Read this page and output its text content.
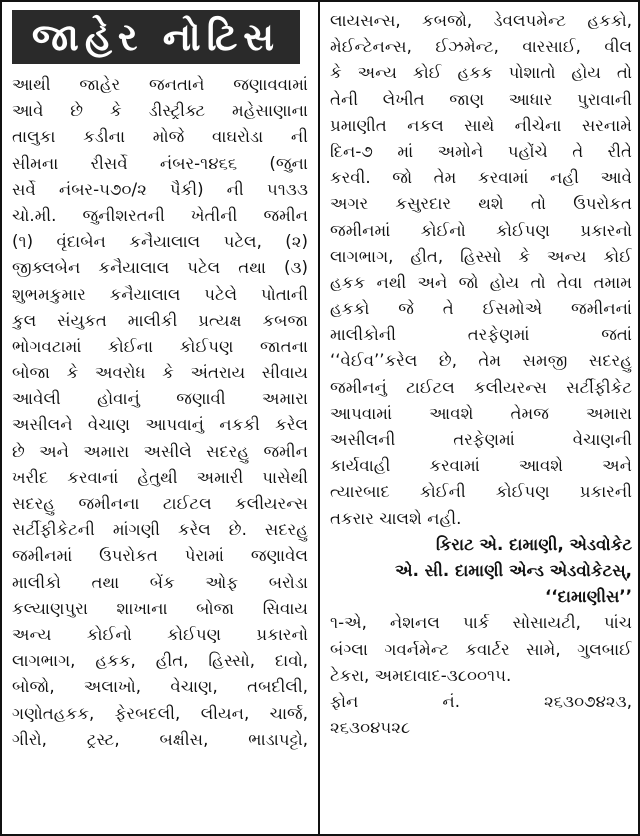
જાહેર નોટિસ
આથી જાહેર જનતાને જણાવવામાં
આવે છે કે ડીસ્ટ્રીક્ટ મહેસાણાના
તાલુકા કડીના મોજે વાઘરોડા ની
સીમના રીસર્વે નંબર-૧૪૬૬ (જુના
સર્વે નંબર-૫૭૦/૨ પૈકી) ની ૫૧૩૩
ચો.મી. જુનીશરતની ખેતીની જમીન
(૧) વૃંદાબેન કનૈયાલાલ પટેલ, (૨)
જીક્લબેન કનૈયાલાલ પટેલ તથા (૩)
શુભમકુમાર કનૈયાલાલ પટેલે પોતાની
કુલ સંયુકત માલીકી પ્રત્યક્ષ કબજા
ભોગવટામાં કોઈના કોઈપણ જાતના
બોજા કે અવરોધ કે અંતરાય સીવાય
આવેલી હોવાનું જણાવી અમારા
અસીલને વેચાણ આપવાનું નકકી કરેલ
છે અને અમારા અસીલે સદરહુ જમીન
ખરીદ કરવાનાં હેતુથી અમારી પાસેથી
સદરહુ જમીનના ટાઈટલ કલીયરન્સ
સર્ટીફીકેટની માંગણી કરેલ છે. સદરહુ
જમીનમાં ઉપરોકત પેરામાં જણાવેલ
માલીકો તથા બેંક ઓફ બરોડા
કલ્યાણપુરા શાખાના બોજા સિવાય
અન્ય કોઈનો કોઈપણ પ્રકારનો
લાગભાગ, હકક, હીત, હિસ્સો, દાવો,
બોજો, અલાખો, વેચાણ, તબદીલી,
ગણોતહકક, ફેરબદલી, લીયન, ચાર્જ,
ગીરો, ટ્રસ્ટ, બક્ષીસ, ભાડાપટ્ટો,
લાયસન્સ, કબજો, ડેવલપમેન્ટ હકકો,
મેઈન્ટેનન્સ, ઈઝમેન્ટ, વારસાઈ, વીલ
કે અન્ય કોઈ હકક પોશાતો હોય તો
તેની લેખીત જાણ આધાર પુરાવાની
પ્રમાણીત નકલ સાથે નીચેના સરનામે
દિન-૭ માં અમોને પહોંચે તે રીતે
કરવી. જો તેમ કરવામાં નહી આવે
અગર કસુરદાર થશે તો ઉપરોકત
જમીનમાં કોઈનો કોઈપણ પ્રકારનો
લાગભાગ, હીત, હિસ્સો કે અન્ય કોઈ
હકક નથી અને જો હોય તો તેવા તમામ
હકકો જે તે ઈસમોએ જમીનનાં
માલીકોની તરફેણમાં જતાં
‘‘વેઈવ’’કરેલ છે, તેમ સમજી સદરહુ
જમીનનું ટાઈટલ કલીયરન્સ સર્ટીફીકેટ
આપવામાં આવશે તેમજ અમારા
અસીલની તરફેણમાં વેચાણની
કાર્યવાહી કરવામાં આવશે અને
ત્યારબાદ કોઈની કોઈપણ પ્રકારની
તકરાર ચાલશે નહી.
કિરાટ એ. દામાણી, એડવોકેટ
એ. સી. દામાણી એન્ડ એડવોકેટસ્,
‘‘દામાણીસ’’
૧-એ, નેશનલ પાર્ક સોસાયટી, પાંચ
બંગ્લા ગવર્નમેન્ટ કવાર્ટર સામે, ગુલબાઈ
ટેકરા, અમદાવાદ-૩૮૦૦૧૫.
ફોન નં. ૨૬૩૦૭૪૨૩,
૨૬૩૦૪૫૨૮
